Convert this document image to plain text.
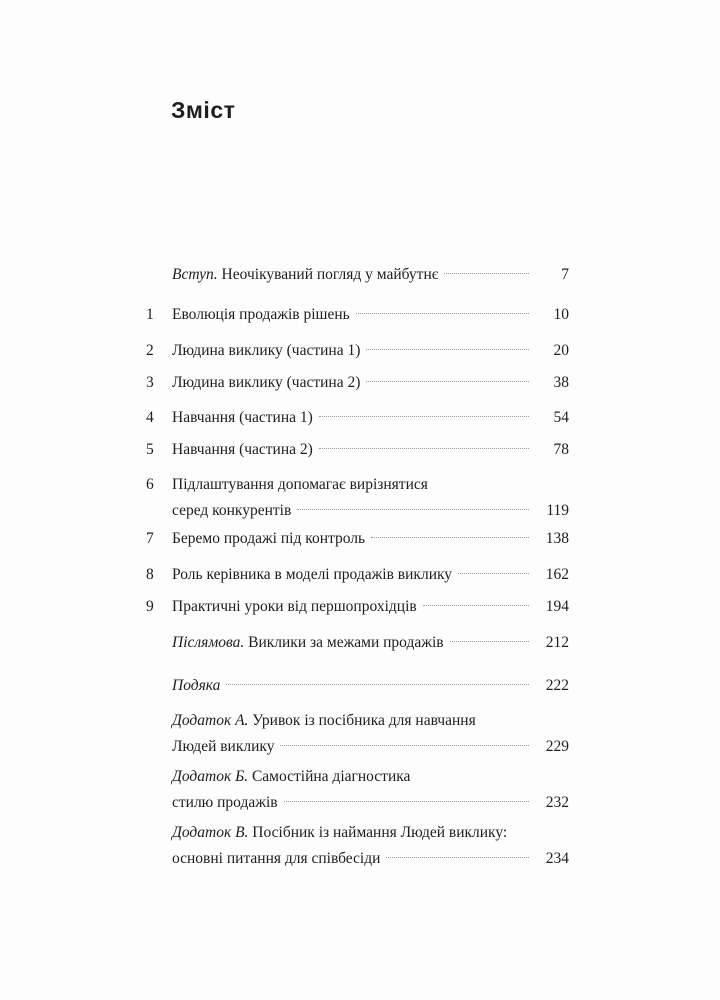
Зміст
Вступ. Неочікуваний погляд у майбутнє	7
1	Еволюція продажів рішень	10
2	Людина виклику (частина 1)	20
3	Людина виклику (частина 2)	38
4	Навчання (частина 1)	54
5	Навчання (частина 2)	78
6	Підлаштування допомагає вирізнятися
серед конкурентів	119
7	Беремо продажі під контроль	138
8	Роль керівника в моделі продажів виклику	162
9	Практичні уроки від першопрохідців	194
Післямова. Виклики за межами продажів	212
Подяка	222
Додаток А. Уривок із посібника для навчання
Людей виклику	229
Додаток Б. Самостійна діагностика
стилю продажів	232
Додаток В. Посібник із наймання Людей виклику:
основні питання для співбесіди	234
